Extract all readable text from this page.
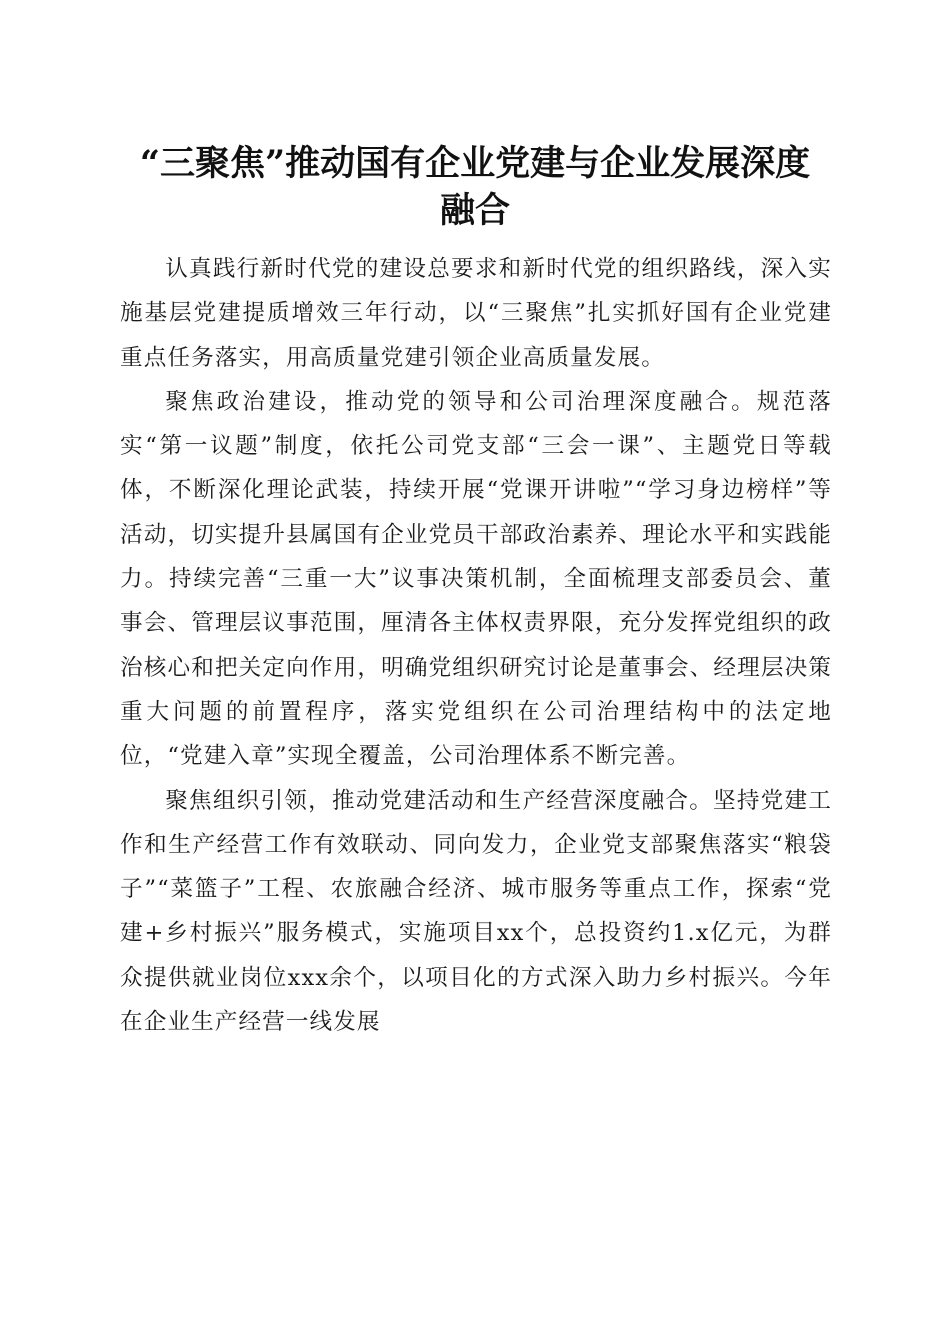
“三聚焦”推动国有企业党建与企业发展深度
融合

认真践行新时代党的建设总要求和新时代党的组织路线，深入实施基层党建提质增效三年行动，以“三聚焦”扎实抓好国有企业党建重点任务落实，用高质量党建引领企业高质量发展。

聚焦政治建设，推动党的领导和公司治理深度融合。规范落实“第一议题”制度，依托公司党支部“三会一课”、主题党日等载体，不断深化理论武装，持续开展“党课开讲啦”“学习身边榜样”等活动，切实提升县属国有企业党员干部政治素养、理论水平和实践能力。持续完善“三重一大”议事决策机制，全面梳理支部委员会、董事会、管理层议事范围，厘清各主体权责界限，充分发挥党组织的政治核心和把关定向作用，明确党组织研究讨论是董事会、经理层决策重大问题的前置程序，落实党组织在公司治理结构中的法定地位，“党建入章”实现全覆盖，公司治理体系不断完善。

聚焦组织引领，推动党建活动和生产经营深度融合。坚持党建工作和生产经营工作有效联动、同向发力，企业党支部聚焦落实“粮袋子”“菜篮子”工程、农旅融合经济、城市服务等重点工作，探索“党建+乡村振兴”服务模式，实施项目xx个，总投资约1.x亿元，为群众提供就业岗位xxx余个，以项目化的方式深入助力乡村振兴。今年在企业生产经营一线发展
